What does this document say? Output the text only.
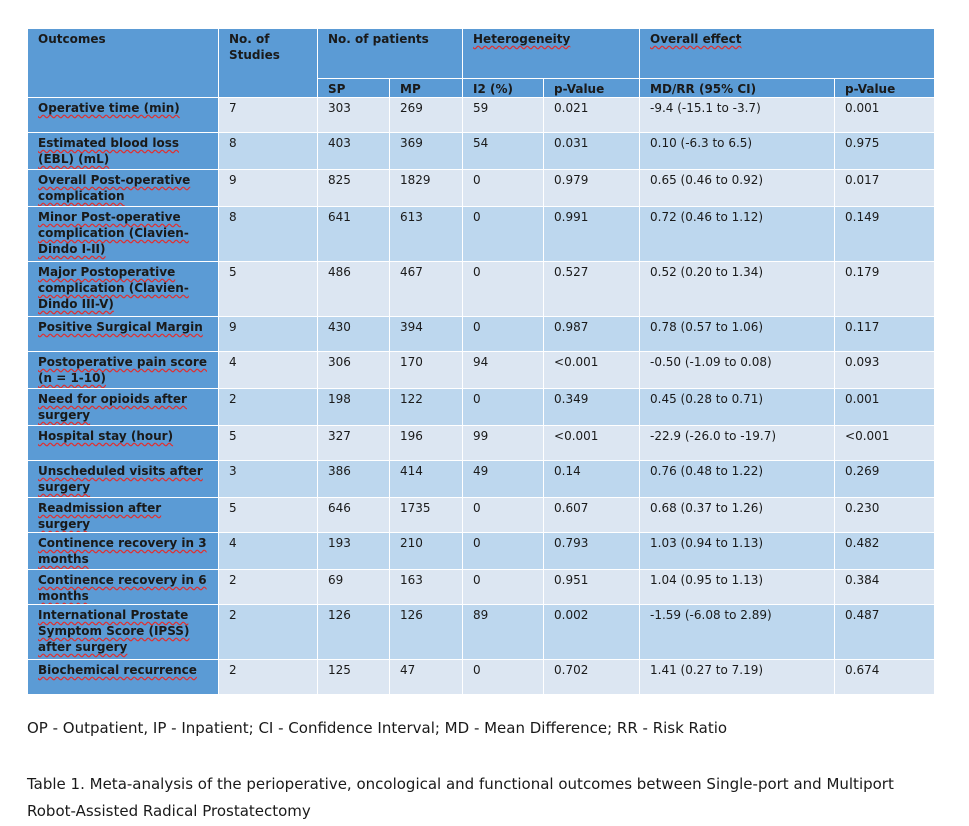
Outcomes	No. of Studies	No. of patients		Heterogeneity		Overall effect	
		SP	MP	I2 (%)	p-Value	MD/RR (95% CI)	p-Value
Operative time (min)	7	303	269	59	0.021	-9.4 (-15.1 to -3.7)	0.001
Estimated blood loss (EBL) (mL)	8	403	369	54	0.031	0.10 (-6.3 to 6.5)	0.975
Overall Post-operative complication	9	825	1829	0	0.979	0.65 (0.46 to 0.92)	0.017
Minor Post-operative complication (Clavien-Dindo I-II)	8	641	613	0	0.991	0.72 (0.46 to 1.12)	0.149
Major Postoperative complication (Clavien-Dindo III-V)	5	486	467	0	0.527	0.52 (0.20 to 1.34)	0.179
Positive Surgical Margin	9	430	394	0	0.987	0.78 (0.57 to 1.06)	0.117
Postoperative pain score (n = 1-10)	4	306	170	94	<0.001	-0.50 (-1.09 to 0.08)	0.093
Need for opioids after surgery	2	198	122	0	0.349	0.45 (0.28 to 0.71)	0.001
Hospital stay (hour)	5	327	196	99	<0.001	-22.9 (-26.0 to -19.7)	<0.001
Unscheduled visits after surgery	3	386	414	49	0.14	0.76 (0.48 to 1.22)	0.269
Readmission after surgery	5	646	1735	0	0.607	0.68 (0.37 to 1.26)	0.230
Continence recovery in 3 months	4	193	210	0	0.793	1.03 (0.94 to 1.13)	0.482
Continence recovery in 6 months	2	69	163	0	0.951	1.04 (0.95 to 1.13)	0.384
International Prostate Symptom Score (IPSS) after surgery	2	126	126	89	0.002	-1.59 (-6.08 to 2.89)	0.487
Biochemical recurrence	2	125	47	0	0.702	1.41 (0.27 to 7.19)	0.674
OP - Outpatient, IP - Inpatient; CI - Confidence Interval; MD - Mean Difference; RR - Risk Ratio
Table 1. Meta-analysis of the perioperative, oncological and functional outcomes between Single-port and Multiport Robot-Assisted Radical Prostatectomy
